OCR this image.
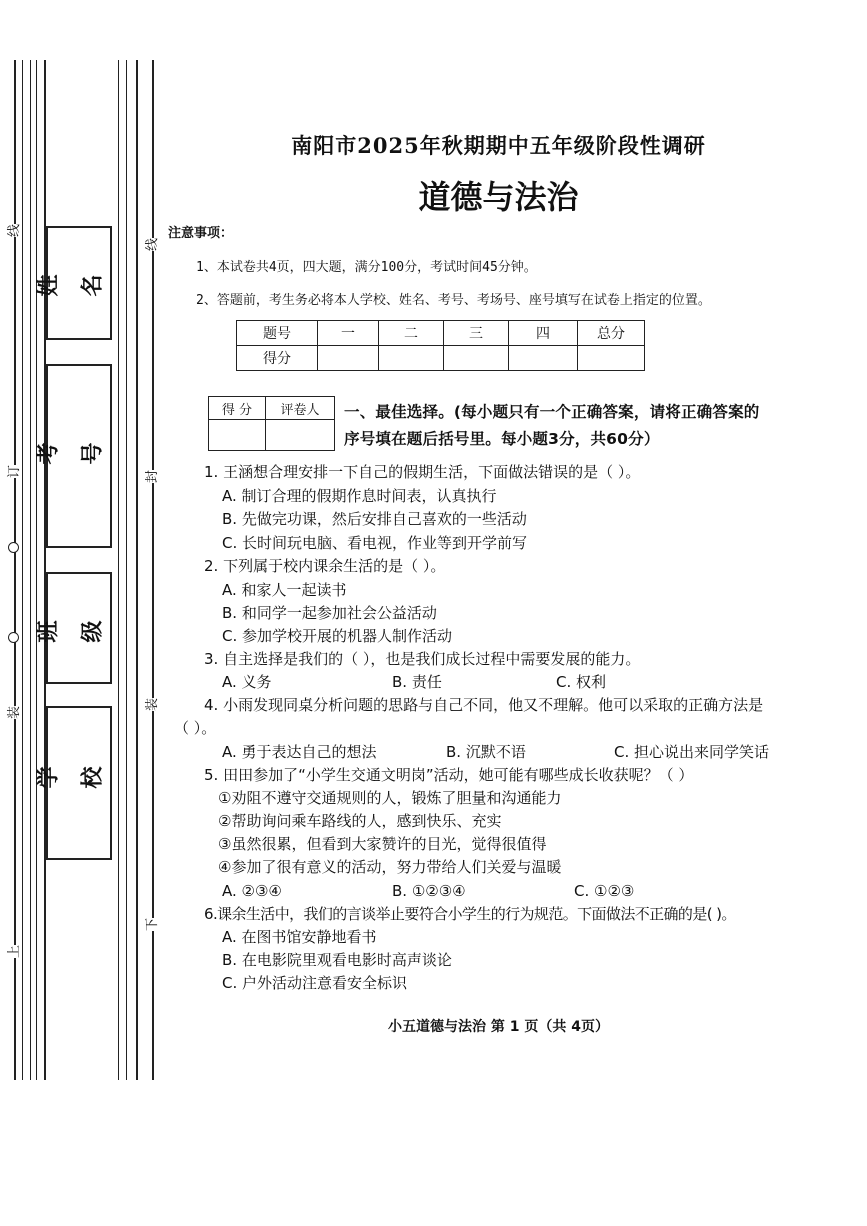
线
订
装
上
线
封
装
下
姓名
考号
班级
学校
南阳市2025年秋期期中五年级阶段性调研
道德与法治
注意事项：
1、本试卷共4页，四大题，满分100分，考试时间45分钟。
2、答题前，考生务必将本人学校、姓名、考号、考场号、座号填写在试卷上指定的位置。
题号	一	二	三	四	总分
得分					
得 分	评卷人
	一、最佳选择。(每小题只有一个正确答案，请将正确答案的
序号填在题后括号里。每小题3分，共60分）
1. 王涵想合理安排一下自己的假期生活，下面做法错误的是（ ）。
A. 制订合理的假期作息时间表，认真执行
B. 先做完功课，然后安排自己喜欢的一些活动
C. 长时间玩电脑、看电视，作业等到开学前写
2. 下列属于校内课余生活的是（ ）。
A. 和家人一起读书
B. 和同学一起参加社会公益活动
C. 参加学校开展的机器人制作活动
3. 自主选择是我们的（ ），也是我们成长过程中需要发展的能力。
A. 义务	B. 责任	C. 权利
4. 小雨发现同桌分析问题的思路与自己不同，他又不理解。他可以采取的正确方法是
（ ）。
A. 勇于表达自己的想法	B. 沉默不语	C. 担心说出来同学笑话
5. 田田参加了“小学生交通文明岗”活动，她可能有哪些成长收获呢？（ ）
①劝阻不遵守交通规则的人，锻炼了胆量和沟通能力
②帮助询问乘车路线的人，感到快乐、充实
③虽然很累，但看到大家赞许的目光，觉得很值得
④参加了很有意义的活动，努力带给人们关爱与温暖
A. ②③④	B. ①②③④	C. ①②③
6.课余生活中，我们的言谈举止要符合小学生的行为规范。下面做法不正确的是( )。
A. 在图书馆安静地看书
B. 在电影院里观看电影时高声谈论
C. 户外活动注意看安全标识
小五道德与法治 第 1 页（共 4页）
